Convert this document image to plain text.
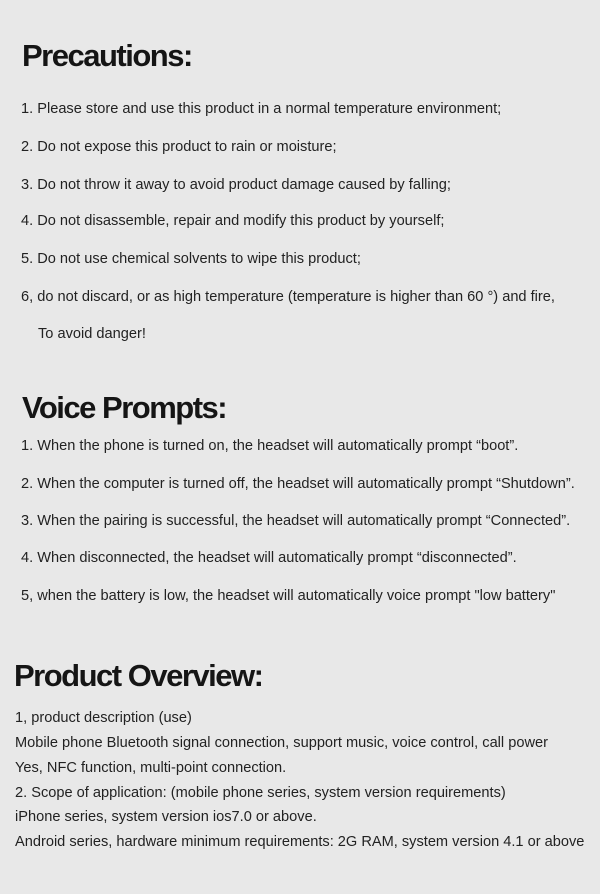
Precautions:

1. Please store and use this product in a normal temperature environment;

2. Do not expose this product to rain or moisture;

3. Do not throw it away to avoid product damage caused by falling;

4. Do not disassemble, repair and modify this product by yourself;

5. Do not use chemical solvents to wipe this product;

6, do not discard, or as high temperature (temperature is higher than 60 °) and fire,

To avoid danger!

Voice Prompts:

1. When the phone is turned on, the headset will automatically prompt “boot”.

2. When the computer is turned off, the headset will automatically prompt “Shutdown”.

3. When the pairing is successful, the headset will automatically prompt “Connected”.

4. When disconnected, the headset will automatically prompt “disconnected”.

5, when the battery is low, the headset will automatically voice prompt "low battery"

Product Overview:

1, product description (use)

Mobile phone Bluetooth signal connection, support music, voice control, call power

Yes, NFC function, multi-point connection.

2. Scope of application: (mobile phone series, system version requirements)

iPhone series, system version ios7.0 or above.

Android series, hardware minimum requirements: 2G RAM, system version 4.1 or above
